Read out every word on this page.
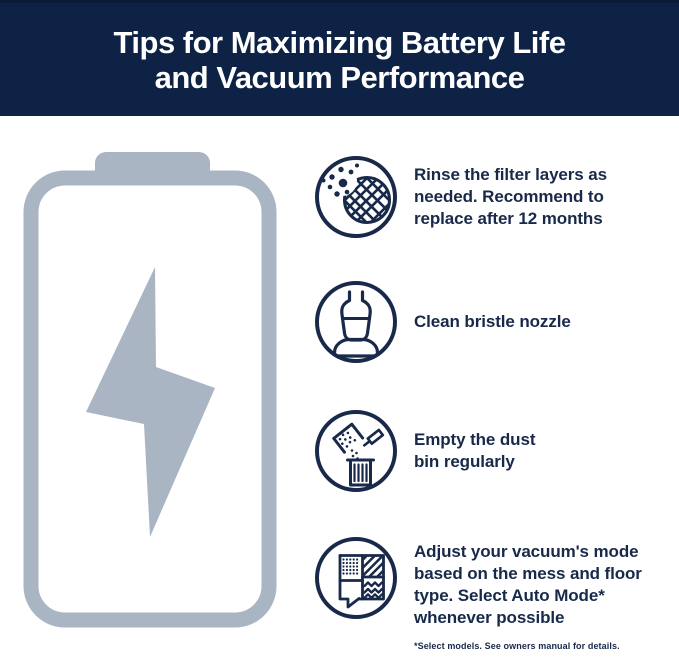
Tips for Maximizing Battery Life
and Vacuum Performance
Rinse the filter layers as
needed. Recommend to
replace after 12 months
Clean bristle nozzle
Empty the dust
bin regularly
Adjust your vacuum's mode
based on the mess and floor
type. Select Auto Mode*
whenever possible
*Select models. See owners manual for details.
